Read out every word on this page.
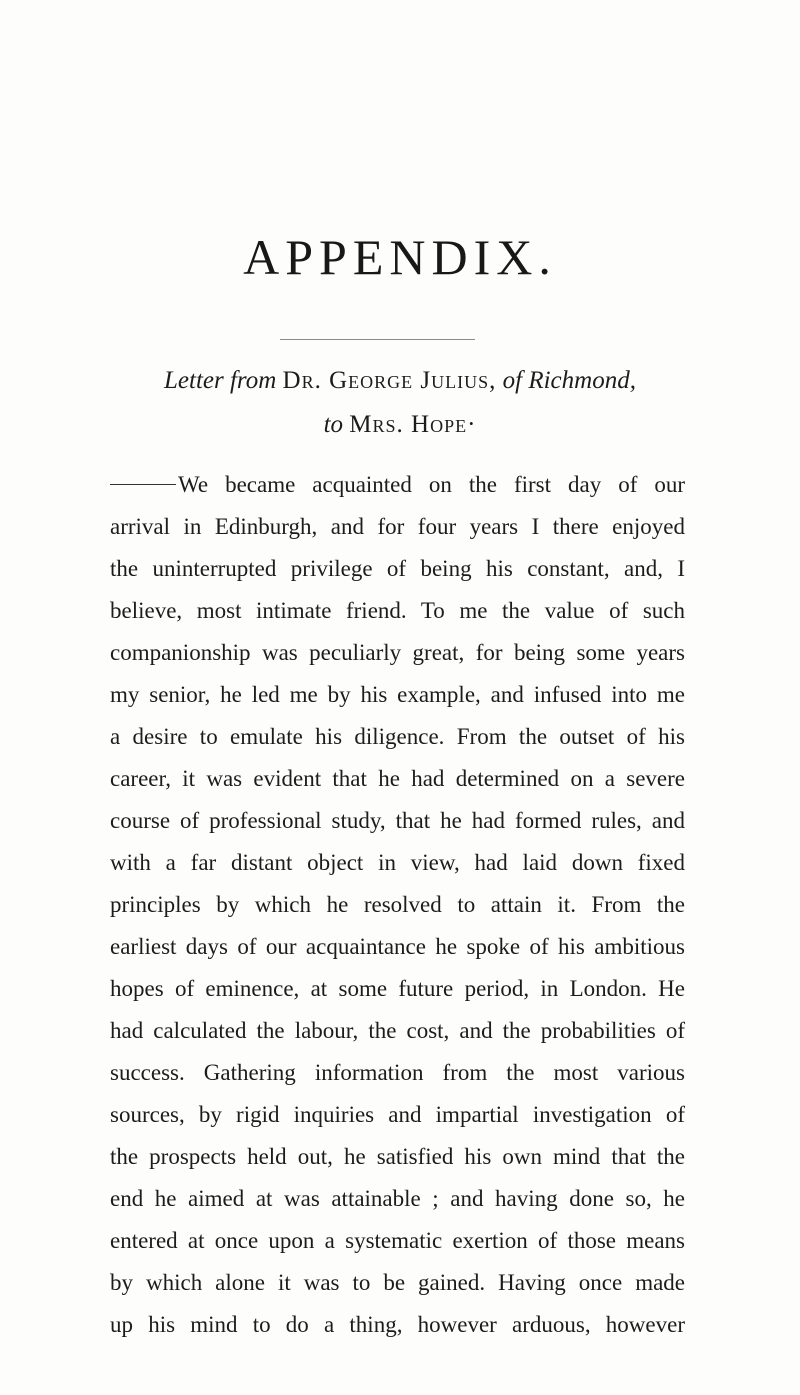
APPENDIX.
Letter from Dr. George Julius, of Richmond,
to Mrs. Hope·
We became acquainted on the first day of our
arrival in Edinburgh, and for four years I there enjoyed
the uninterrupted privilege of being his constant, and, I
believe, most intimate friend. To me the value of such
companionship was peculiarly great, for being some years
my senior, he led me by his example, and infused into me
a desire to emulate his diligence. From the outset of his
career, it was evident that he had determined on a severe
course of professional study, that he had formed rules, and
with a far distant object in view, had laid down fixed
principles by which he resolved to attain it. From the
earliest days of our acquaintance he spoke of his ambitious
hopes of eminence, at some future period, in London. He
had calculated the labour, the cost, and the probabilities of
success. Gathering information from the most various
sources, by rigid inquiries and impartial investigation of
the prospects held out, he satisfied his own mind that the
end he aimed at was attainable ; and having done so, he
entered at once upon a systematic exertion of those means
by which alone it was to be gained. Having once made
up his mind to do a thing, however arduous, however
